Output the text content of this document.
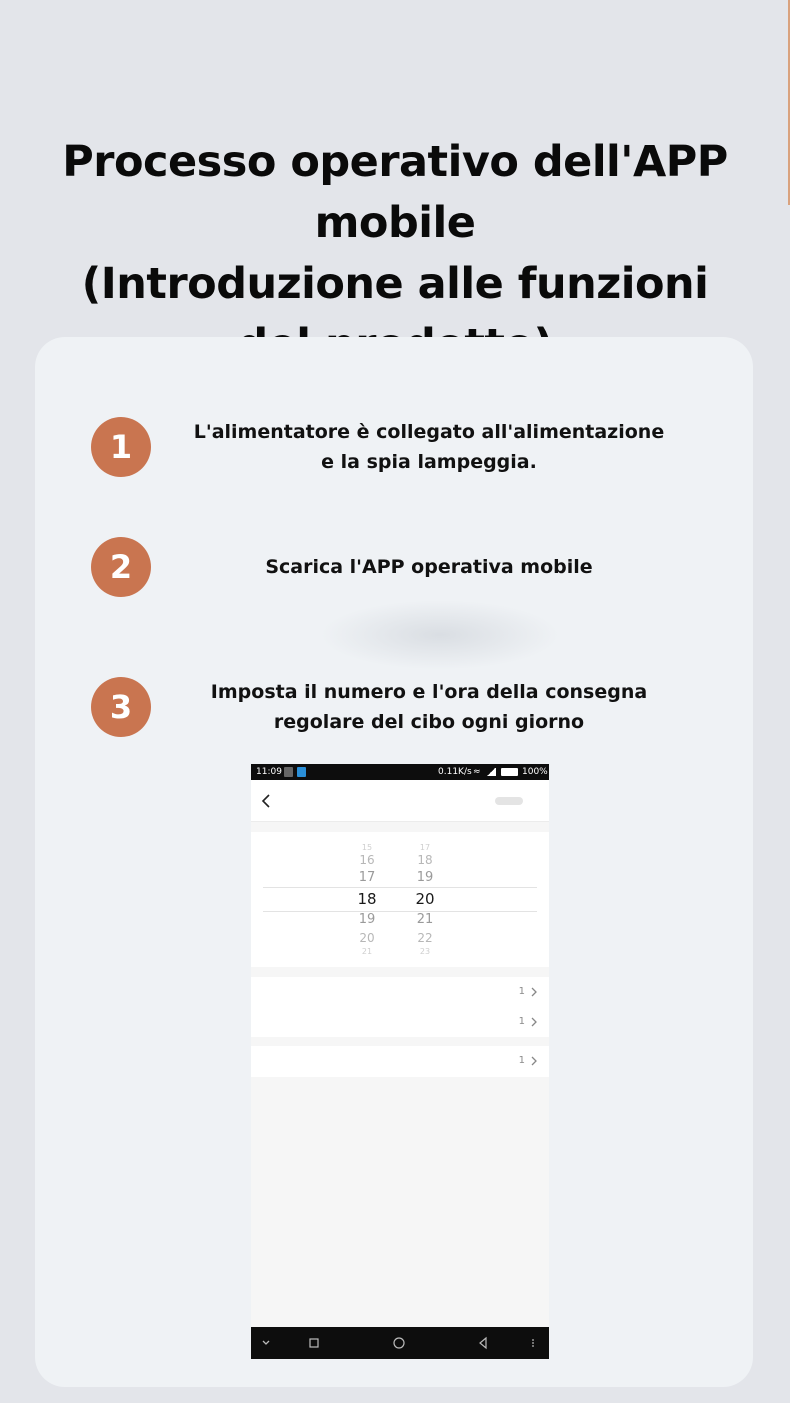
Processo operativo dell'APP mobile
(Introduzione alle funzioni
1	L'alimentatore è collegato all'alimentazione
e la spia lampeggia.
2	Scarica l'APP operativa mobile
3	Imposta il numero e l'ora della consegna
regolare del cibo ogni giorno
11:09	0.11K/s ≈	100%
15
16
17
18
19
20
21
17
18
19
20
21
22
23
1
1
1
